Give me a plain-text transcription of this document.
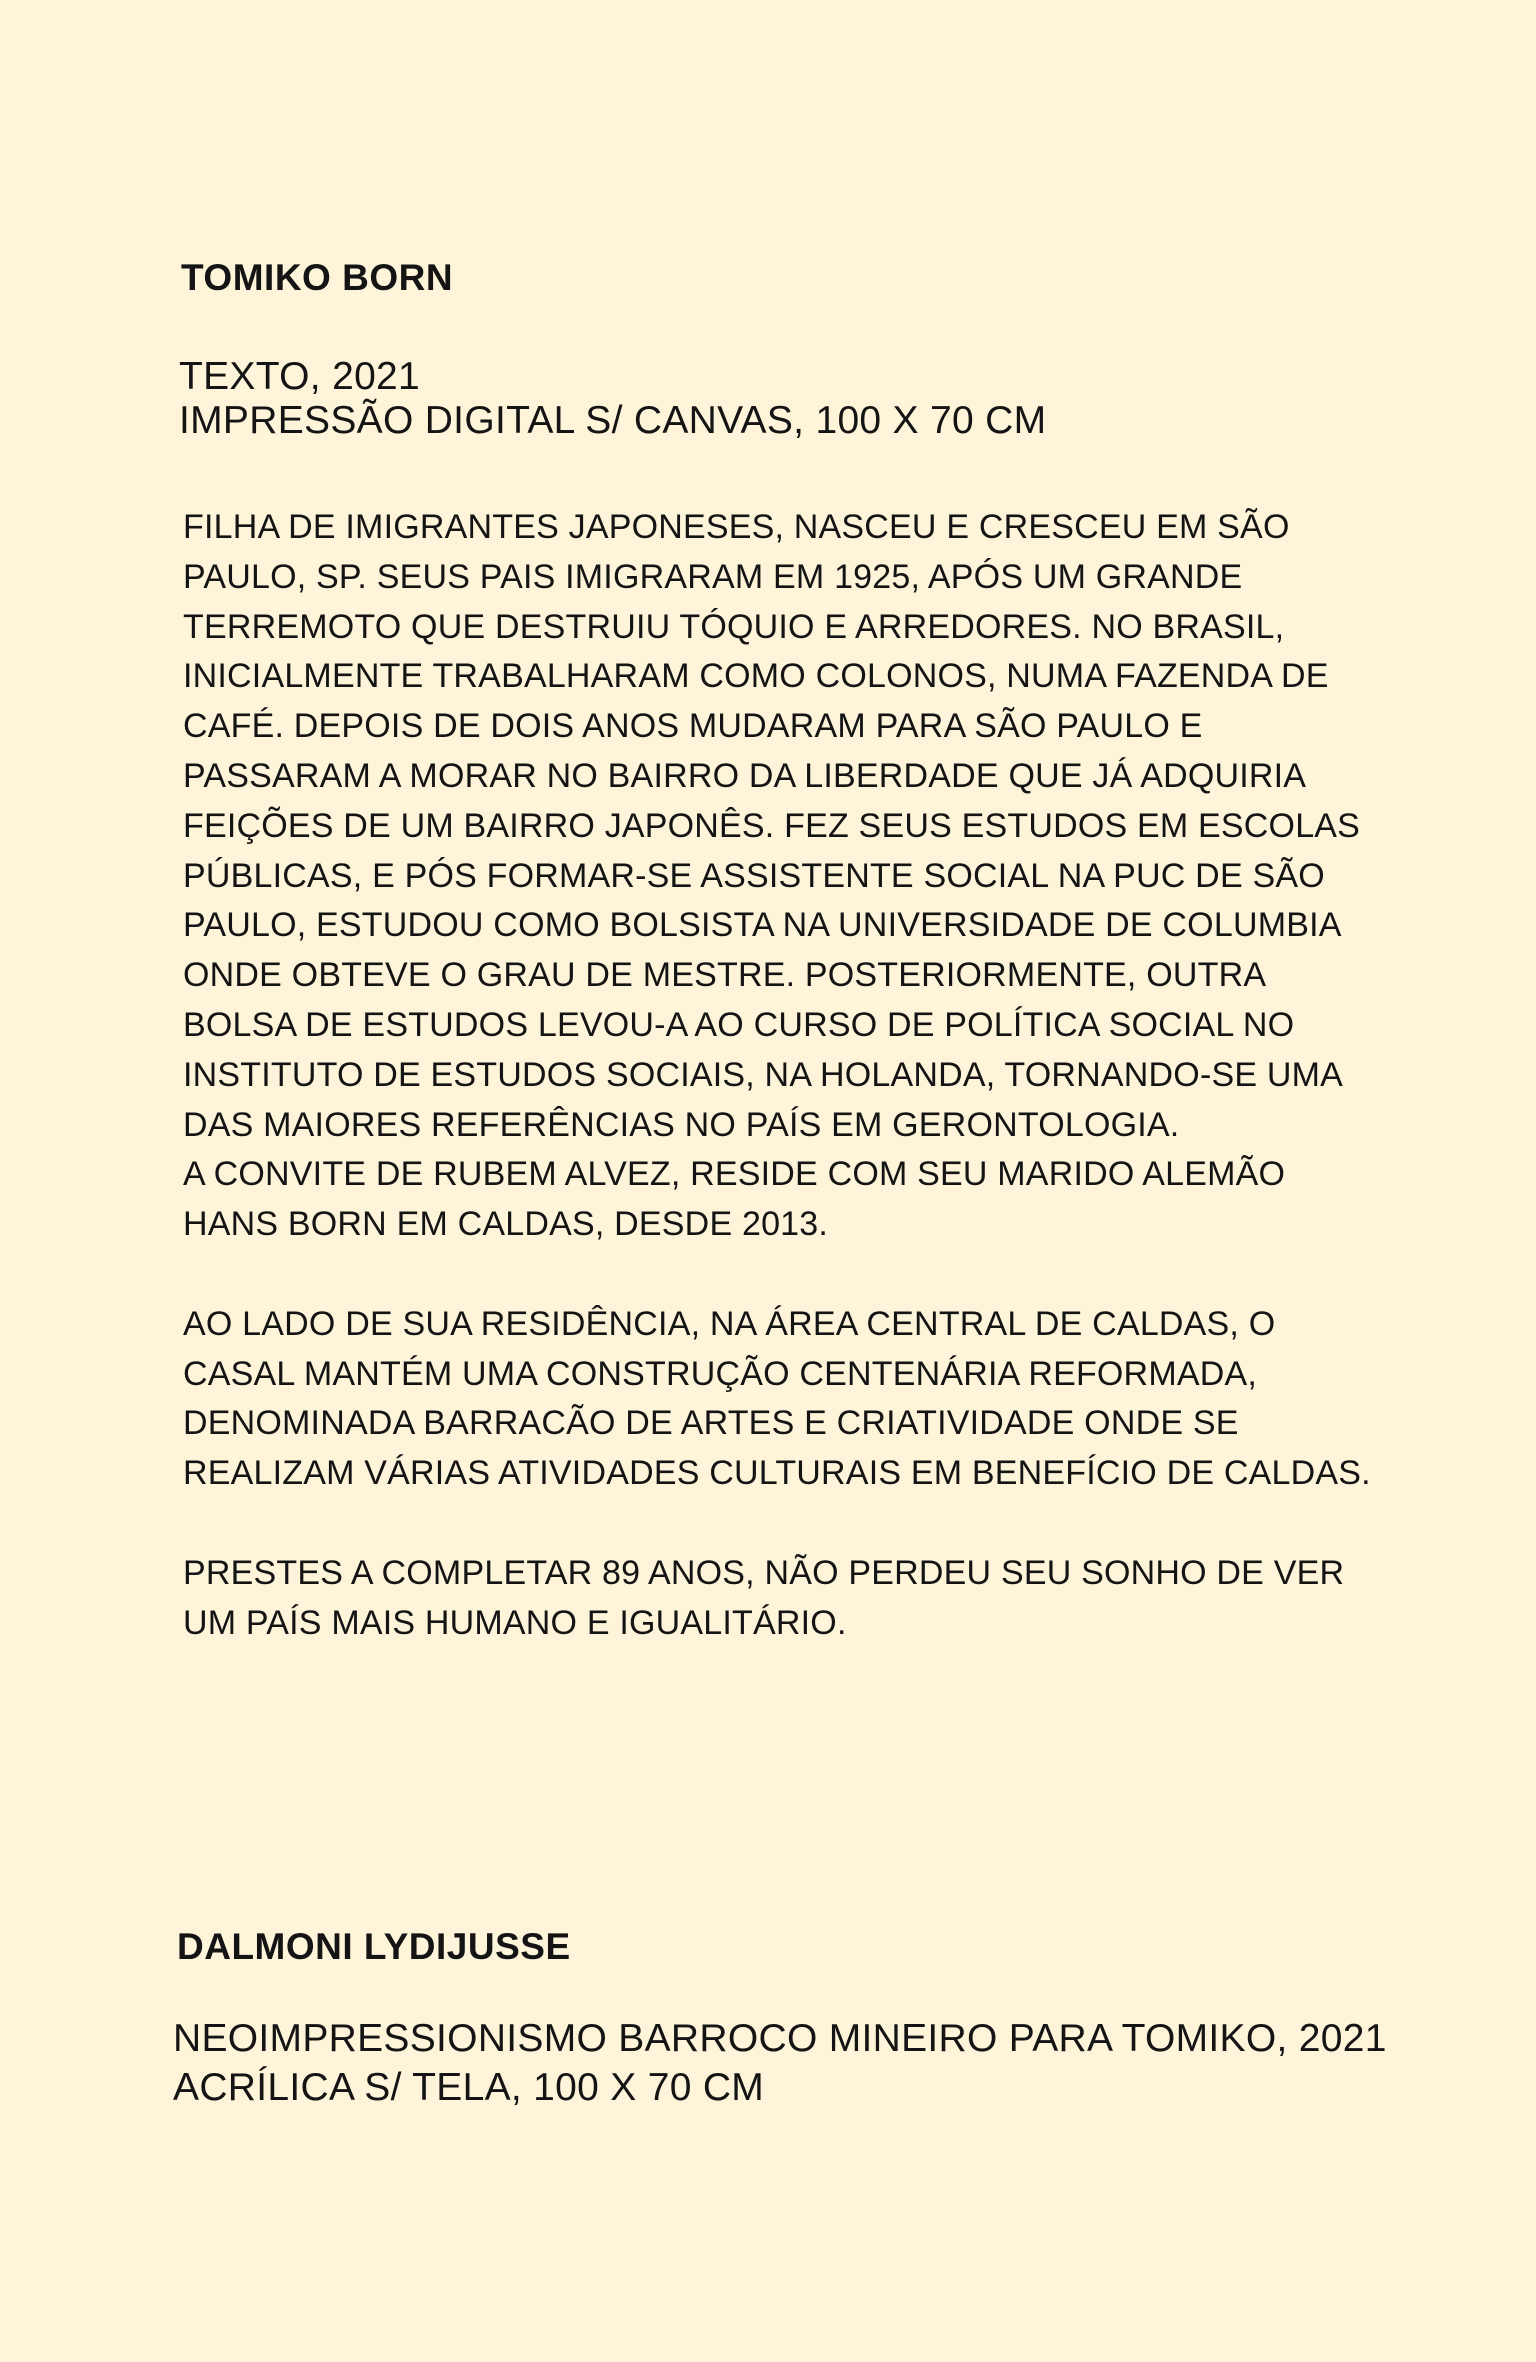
TOMIKO BORN

TEXTO, 2021

IMPRESSÃO DIGITAL S/ CANVAS, 100 X 70 CM

FILHA DE IMIGRANTES JAPONESES, NASCEU E CRESCEU EM SÃO
PAULO, SP. SEUS PAIS IMIGRARAM EM 1925, APÓS UM GRANDE
TERREMOTO QUE DESTRUIU TÓQUIO E ARREDORES. NO BRASIL,
INICIALMENTE TRABALHARAM COMO COLONOS, NUMA FAZENDA DE
CAFÉ. DEPOIS DE DOIS ANOS MUDARAM PARA SÃO PAULO E
PASSARAM A MORAR NO BAIRRO DA LIBERDADE QUE JÁ ADQUIRIA
FEIÇÕES DE UM BAIRRO JAPONÊS. FEZ SEUS ESTUDOS EM ESCOLAS
PÚBLICAS, E PÓS FORMAR-SE ASSISTENTE SOCIAL NA PUC DE SÃO
PAULO, ESTUDOU COMO BOLSISTA NA UNIVERSIDADE DE COLUMBIA
ONDE OBTEVE O GRAU DE MESTRE. POSTERIORMENTE, OUTRA
BOLSA DE ESTUDOS LEVOU-A AO CURSO DE POLÍTICA SOCIAL NO
INSTITUTO DE ESTUDOS SOCIAIS, NA HOLANDA, TORNANDO-SE UMA
DAS MAIORES REFERÊNCIAS NO PAÍS EM GERONTOLOGIA.
A CONVITE DE RUBEM ALVEZ, RESIDE COM SEU MARIDO ALEMÃO
HANS BORN EM CALDAS, DESDE 2013.
AO LADO DE SUA RESIDÊNCIA, NA ÁREA CENTRAL DE CALDAS, O
CASAL MANTÉM UMA CONSTRUÇÃO CENTENÁRIA REFORMADA,
DENOMINADA BARRACÃO DE ARTES E CRIATIVIDADE ONDE SE
REALIZAM VÁRIAS ATIVIDADES CULTURAIS EM BENEFÍCIO DE CALDAS.
PRESTES A COMPLETAR 89 ANOS, NÃO PERDEU SEU SONHO DE VER
UM PAÍS MAIS HUMANO E IGUALITÁRIO.
DALMONI LYDIJUSSE

NEOIMPRESSIONISMO BARROCO MINEIRO PARA TOMIKO, 2021

ACRÍLICA S/ TELA, 100 X 70 CM
